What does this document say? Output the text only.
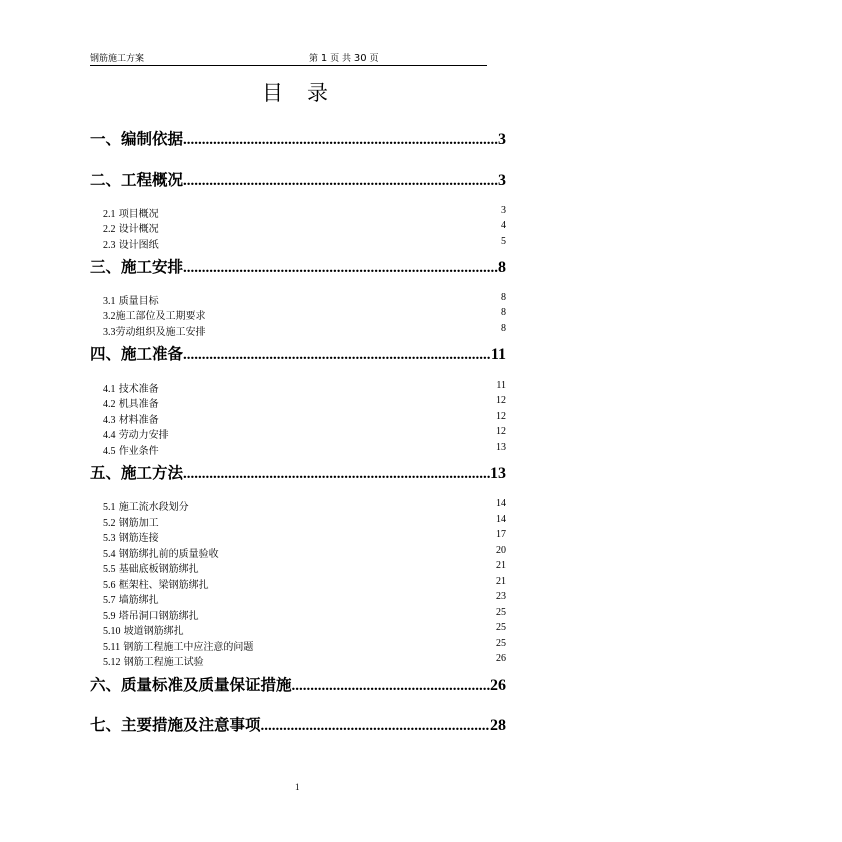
钢筋施工方案	第 1 页 共 30 页
目录
一、编制依据 .....	3
二、工程概况 .....	3
2.1 项目概况	3
2.2 设计概况	4
2.3 设计图纸	5
三、施工安排 .....	8
3.1 质量目标	8
3.2施工部位及工期要求	8
3.3劳动组织及施工安排	8
四、施工准备 .....	11
4.1 技术准备	11
4.2 机具准备	12
4.3 材料准备	12
4.4 劳动力安排	12
4.5 作业条件	13
五、施工方法 .....	13
5.1 施工流水段划分	14
5.2 钢筋加工	14
5.3 钢筋连接	17
5.4 钢筋绑扎前的质量验收	20
5.5 基础底板钢筋绑扎	21
5.6 框架柱、梁钢筋绑扎	21
5.7 墙筋绑扎	23
5.9 塔吊洞口钢筋绑扎	25
5.10 坡道钢筋绑扎	25
5.11 钢筋工程施工中应注意的问题	25
5.12 钢筋工程施工试验	26
六、质量标准及质量保证措施 .....	26
七、主要措施及注意事项 .....	28
1
